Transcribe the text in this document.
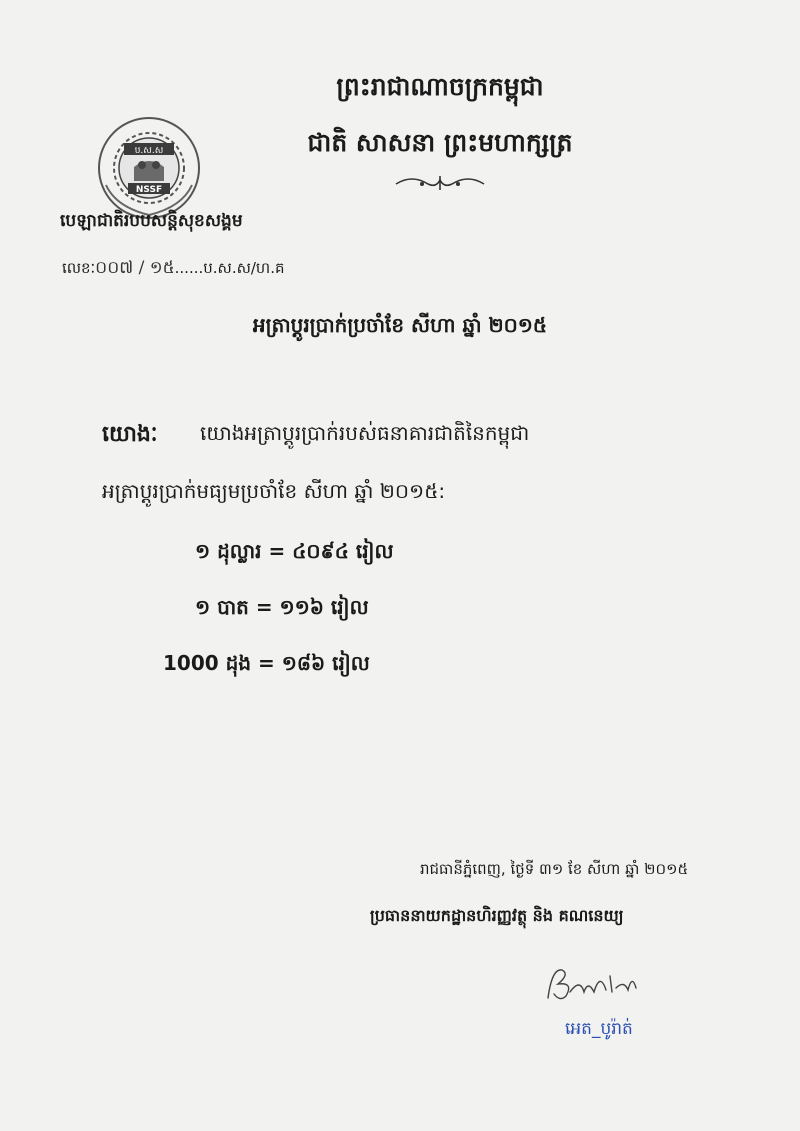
ព្រះរាជាណាចក្រកម្ពុជា
ជាតិ សាសនា ព្រះមហាក្សត្រ
ប.ស.ស
NSSF
បេឡាជាតិរបបសន្តិសុខសង្គម
លេខៈ០០៧ / ១៥......ប.ស.ស/ហ.គ
អត្រាប្តូរប្រាក់ប្រចាំខែ សីហា ឆ្នាំ ២០១៥
យោងៈ យោងអត្រាប្តូរប្រាក់របស់ធនាគារជាតិនៃកម្ពុជា
អត្រាប្តូរប្រាក់មធ្យមប្រចាំខែ សីហា ឆ្នាំ ២០១៥:
១ ដុល្លារ = ៤០៩៤ រៀល
១ បាត = ១១៦ រៀល
1000 ដុង = ១៨៦ រៀល
រាជធានីភ្នំពេញ, ថ្ងៃទី ៣១ ខែ សីហា ឆ្នាំ ២០១៥
ប្រធាននាយកដ្ឋានហិរញ្ញវត្ថុ និង គណនេយ្យ
អេត_បូរ៉ាត់
